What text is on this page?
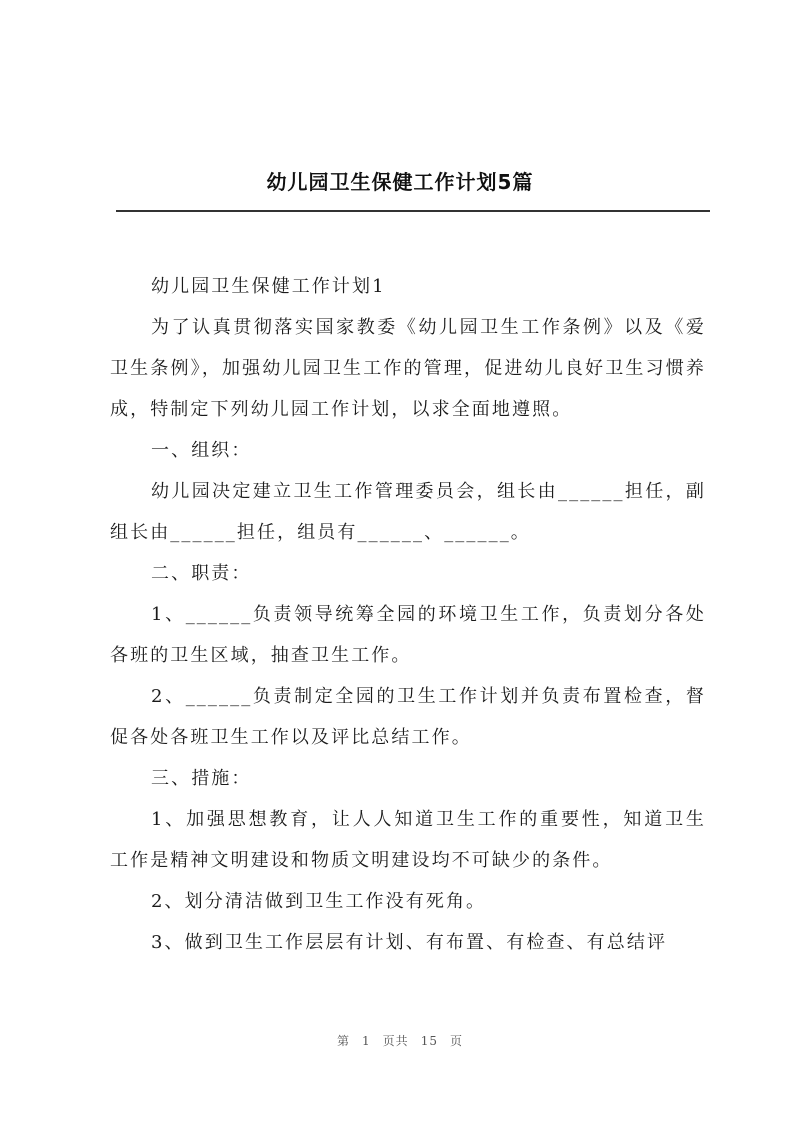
幼儿园卫生保健工作计划5篇

幼儿园卫生保健工作计划1

为了认真贯彻落实国家教委《幼儿园卫生工作条例》以及《爱卫生条例》，加强幼儿园卫生工作的管理，促进幼儿良好卫生习惯养成，特制定下列幼儿园工作计划，以求全面地遵照。

一、组织：

幼儿园决定建立卫生工作管理委员会，组长由______担任，副组长由______担任，组员有______、______。

二、职责：

1、______负责领导统筹全园的环境卫生工作，负责划分各处各班的卫生区域，抽查卫生工作。

2、______负责制定全园的卫生工作计划并负责布置检查，督促各处各班卫生工作以及评比总结工作。

三、措施：

1、加强思想教育，让人人知道卫生工作的重要性，知道卫生工作是精神文明建设和物质文明建设均不可缺少的条件。

2、划分清洁做到卫生工作没有死角。

3、做到卫生工作层层有计划、有布置、有检查、有总结评

第 1 页共 15 页
